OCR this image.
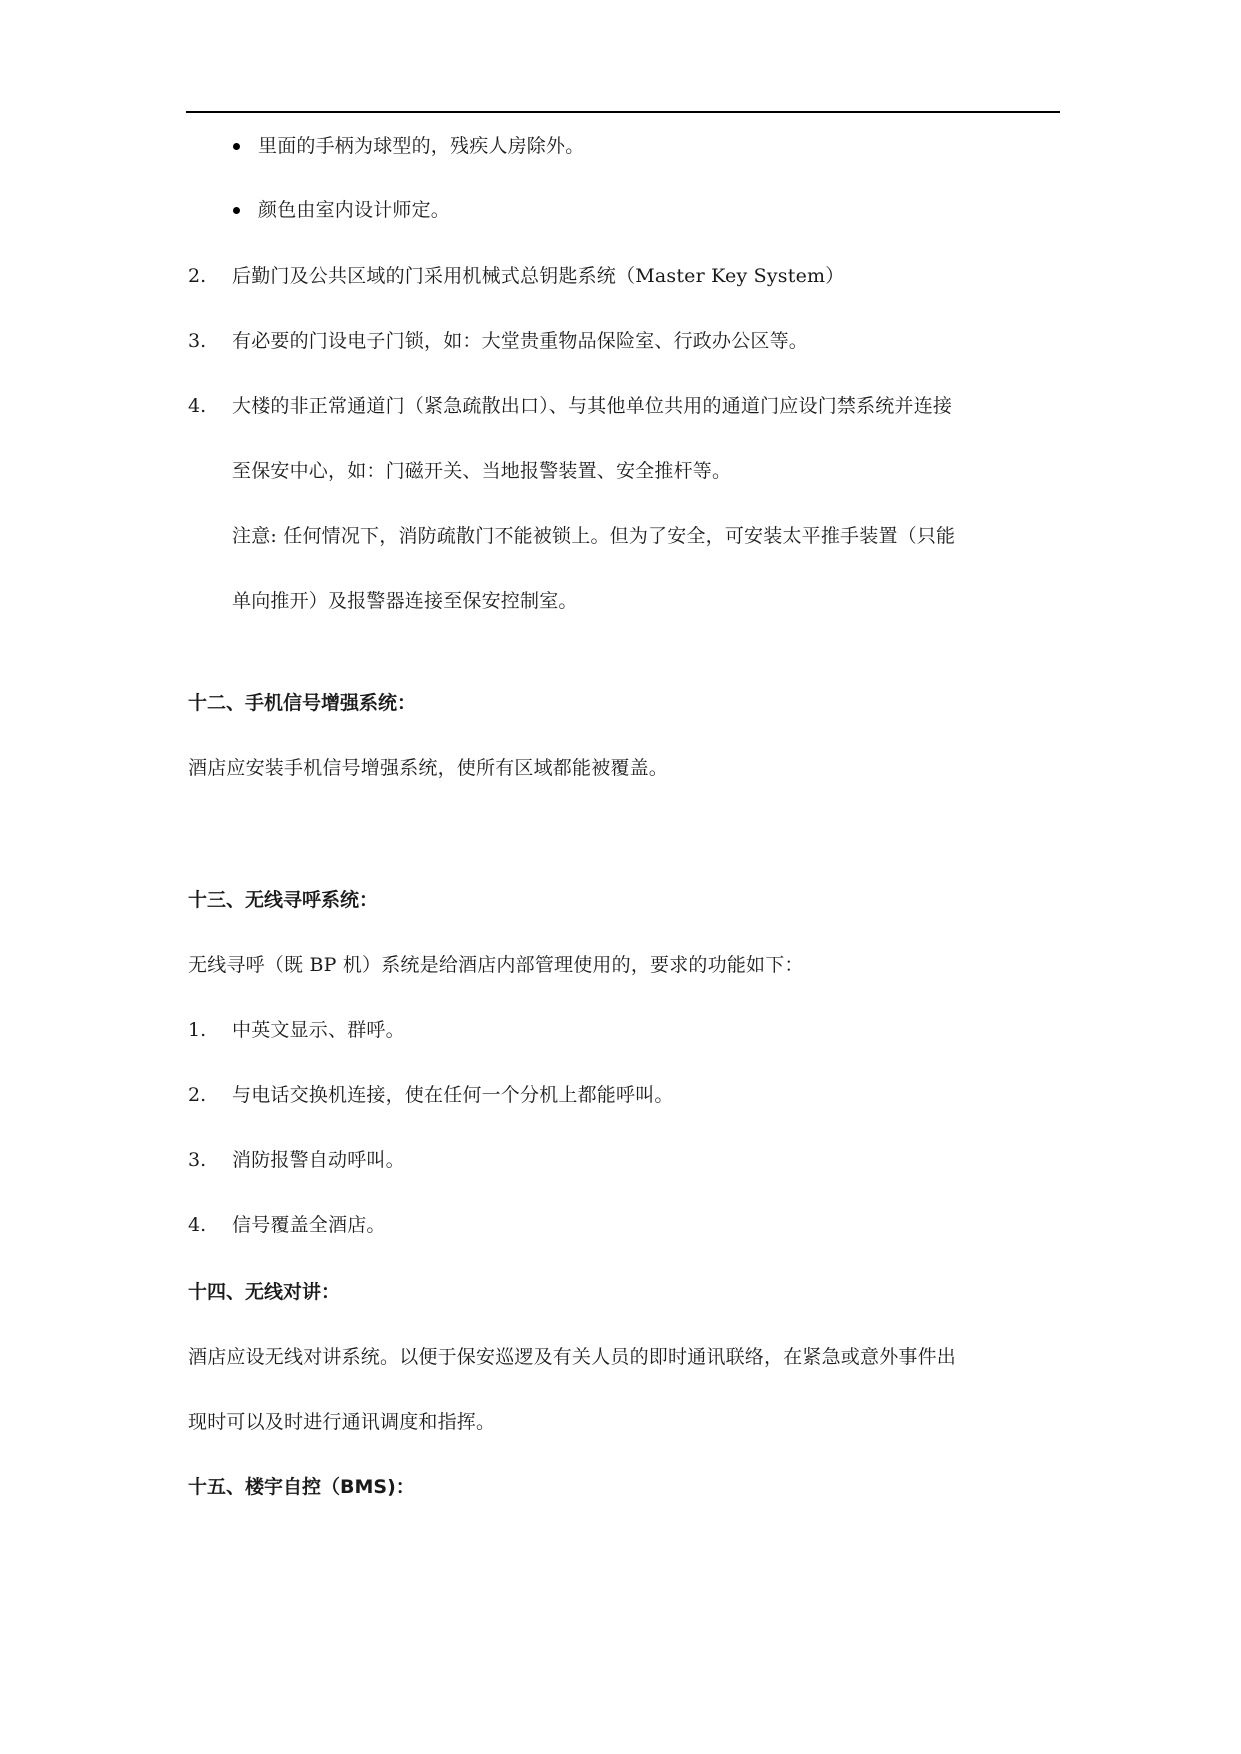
里面的手柄为球型的，残疾人房除外。
颜色由室内设计师定。
2. 后勤门及公共区域的门采用机械式总钥匙系统（Master Key System）
3. 有必要的门设电子门锁，如：大堂贵重物品保险室、行政办公区等。
4. 大楼的非正常通道门（紧急疏散出口）、与其他单位共用的通道门应设门禁系统并连接
至保安中心，如：门磁开关、当地报警装置、安全推杆等。
注意: 任何情况下，消防疏散门不能被锁上。但为了安全，可安装太平推手装置（只能
单向推开）及报警器连接至保安控制室。
十二、手机信号增强系统：
酒店应安装手机信号增强系统，使所有区域都能被覆盖。
十三、无线寻呼系统：
无线寻呼（既 BP 机）系统是给酒店内部管理使用的，要求的功能如下：
1. 中英文显示、群呼。
2. 与电话交换机连接，使在任何一个分机上都能呼叫。
3. 消防报警自动呼叫。
4. 信号覆盖全酒店。
十四、无线对讲：
酒店应设无线对讲系统。以便于保安巡逻及有关人员的即时通讯联络，在紧急或意外事件出
现时可以及时进行通讯调度和指挥。
十五、楼宇自控（BMS)：
